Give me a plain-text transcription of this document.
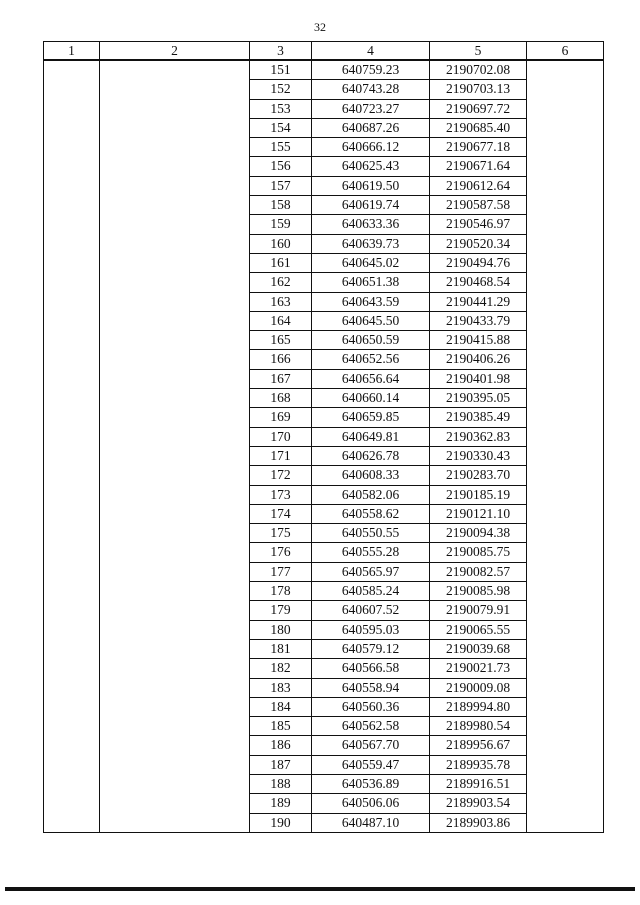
32
1	2	3	4	5	6
		151	640759.23	2190702.08	
		152	640743.28	2190703.13	
		153	640723.27	2190697.72	
		154	640687.26	2190685.40	
		155	640666.12	2190677.18	
		156	640625.43	2190671.64	
		157	640619.50	2190612.64	
		158	640619.74	2190587.58	
		159	640633.36	2190546.97	
		160	640639.73	2190520.34	
		161	640645.02	2190494.76	
		162	640651.38	2190468.54	
		163	640643.59	2190441.29	
		164	640645.50	2190433.79	
		165	640650.59	2190415.88	
		166	640652.56	2190406.26	
		167	640656.64	2190401.98	
		168	640660.14	2190395.05	
		169	640659.85	2190385.49	
		170	640649.81	2190362.83	
		171	640626.78	2190330.43	
		172	640608.33	2190283.70	
		173	640582.06	2190185.19	
		174	640558.62	2190121.10	
		175	640550.55	2190094.38	
		176	640555.28	2190085.75	
		177	640565.97	2190082.57	
		178	640585.24	2190085.98	
		179	640607.52	2190079.91	
		180	640595.03	2190065.55	
		181	640579.12	2190039.68	
		182	640566.58	2190021.73	
		183	640558.94	2190009.08	
		184	640560.36	2189994.80	
		185	640562.58	2189980.54	
		186	640567.70	2189956.67	
		187	640559.47	2189935.78	
		188	640536.89	2189916.51	
		189	640506.06	2189903.54	
		190	640487.10	2189903.86	
